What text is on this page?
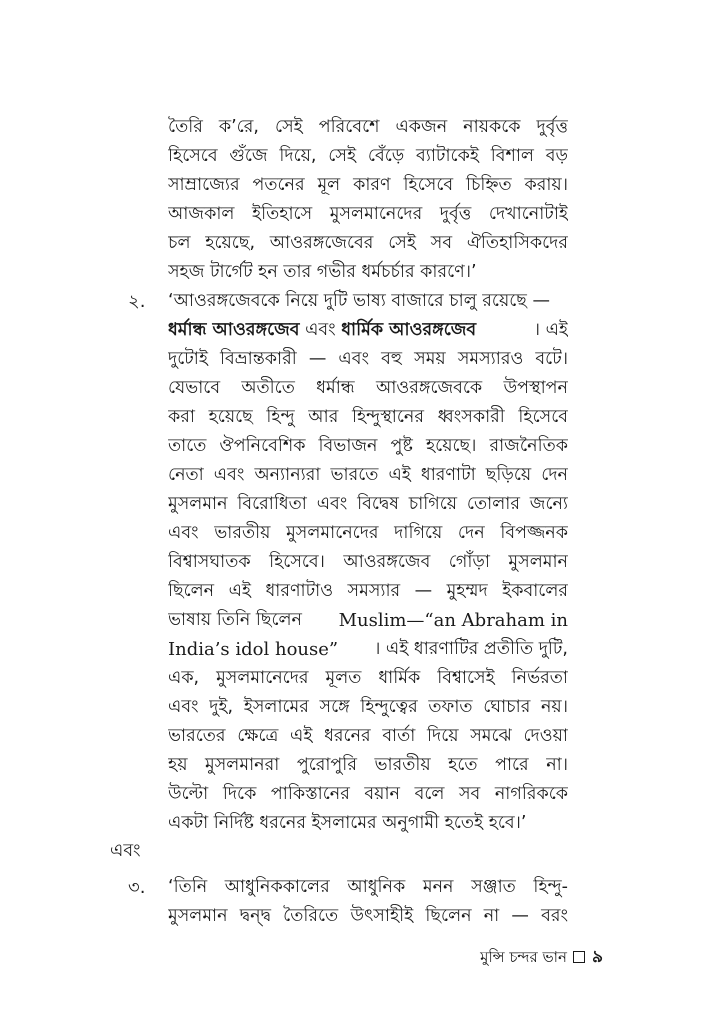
তৈরি ক’রে, সেই পরিবেশে একজন নায়ককে দুর্বৃত্ত
হিসেবে গুঁজে দিয়ে, সেই বেঁড়ে ব্যাটাকেই বিশাল বড়
সাম্রাজ্যের পতনের মূল কারণ হিসেবে চিহ্নিত করায়।
আজকাল ইতিহাসে মুসলমানেদের দুর্বৃত্ত দেখানোটাই
চল হয়েছে, আওরঙ্গজেবের সেই সব ঐতিহাসিকদের
সহজ টার্গেট হন তার গভীর ধর্মচর্চার কারণে।’
২. ‘আওরঙ্গজেবকে নিয়ে দুটি ভাষ্য বাজারে চালু রয়েছে —
ধর্মান্ধ আওরঙ্গজেব এবং ধার্মিক আওরঙ্গজেব	। এই
দুটোই বিভ্রান্তকারী — এবং বহু সময় সমস্যারও বটে।
যেভাবে অতীতে ধর্মান্ধ আওরঙ্গজেবকে উপস্থাপন
করা হয়েছে হিন্দু আর হিন্দুস্থানের ধ্বংসকারী হিসেবে
তাতে ঔপনিবেশিক বিভাজন পুষ্ট হয়েছে। রাজনৈতিক
নেতা এবং অন্যান্যরা ভারতে এই ধারণাটা ছড়িয়ে দেন
মুসলমান বিরোধিতা এবং বিদ্বেষ চাগিয়ে তোলার জন্যে
এবং ভারতীয় মুসলমানেদের দাগিয়ে দেন বিপজ্জনক
বিশ্বাসঘাতক হিসেবে। আওরঙ্গজেব গোঁড়া মুসলমান
ছিলেন এই ধারণাটাও সমস্যার — মুহম্মদ ইকবালের
ভাষায় তিনি ছিলেন Muslim—“an Abraham in
India’s idol house” । এই ধারণাটির প্রতীতি দুটি,
এক, মুসলমানেদের মূলত ধার্মিক বিশ্বাসেই নির্ভরতা
এবং দুই, ইসলামের সঙ্গে হিন্দুত্বের তফাত ঘোচার নয়।
ভারতের ক্ষেত্রে এই ধরনের বার্তা দিয়ে সমঝে দেওয়া
হয় মুসলমানরা পুরোপুরি ভারতীয় হতে পারে না।
উল্টো দিকে পাকিস্তানের বয়ান বলে সব নাগরিককে
একটা নির্দিষ্ট ধরনের ইসলামের অনুগামী হতেই হবে।’
এবং
৩. ‘তিনি আধুনিককালের আধুনিক মনন সঞ্জাত হিন্দু-
মুসলমান দ্বন্দ্ব তৈরিতে উৎসাহীই ছিলেন না — বরং
মুন্সি চন্দর ভান ৯
